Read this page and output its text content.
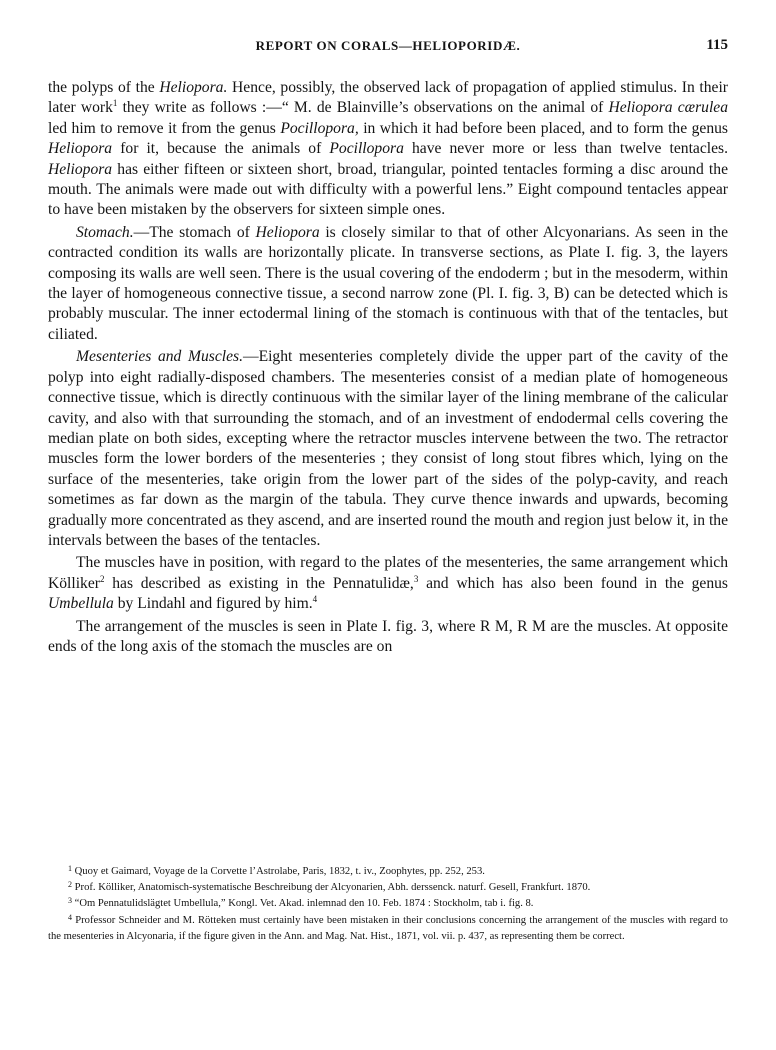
REPORT ON CORALS—HELIOPORIDÆ.	115

the polyps of the Heliopora. Hence, possibly, the observed lack of propagation of applied stimulus. In their later work$^1$ they write as follows :—“ M. de Blainville’s observations on the animal of Heliopora cærulea led him to remove it from the genus Pocillopora, in which it had before been placed, and to form the genus Heliopora for it, because the animals of Pocillopora have never more or less than twelve tentacles. Heliopora has either fifteen or sixteen short, broad, triangular, pointed tentacles forming a disc around the mouth. The animals were made out with difficulty with a powerful lens.” Eight compound tentacles appear to have been mistaken by the observers for sixteen simple ones.

Stomach.—The stomach of Heliopora is closely similar to that of other Alcyonarians. As seen in the contracted condition its walls are horizontally plicate. In transverse sections, as Plate I. fig. 3, the layers composing its walls are well seen. There is the usual covering of the endoderm ; but in the mesoderm, within the layer of homogeneous connective tissue, a second narrow zone (Pl. I. fig. 3, B) can be detected which is probably muscular. The inner ectodermal lining of the stomach is continuous with that of the tentacles, but ciliated.

Mesenteries and Muscles.—Eight mesenteries completely divide the upper part of the cavity of the polyp into eight radially-disposed chambers. The mesenteries consist of a median plate of homogeneous connective tissue, which is directly continuous with the similar layer of the lining membrane of the calicular cavity, and also with that surrounding the stomach, and of an investment of endodermal cells covering the median plate on both sides, excepting where the retractor muscles intervene between the two. The retractor muscles form the lower borders of the mesenteries ; they consist of long stout fibres which, lying on the surface of the mesenteries, take origin from the lower part of the sides of the polyp-cavity, and reach sometimes as far down as the margin of the tabula. They curve thence inwards and upwards, becoming gradually more concentrated as they ascend, and are inserted round the mouth and region just below it, in the intervals between the bases of the tentacles.

The muscles have in position, with regard to the plates of the mesenteries, the same arrangement which Kölliker$^2$ has described as existing in the Pennatulidæ,$^3$ and which has also been found in the genus Umbellula by Lindahl and figured by him.$^4$

The arrangement of the muscles is seen in Plate I. fig. 3, where R M, R M are the muscles. At opposite ends of the long axis of the stomach the muscles are on

$^1$ Quoy et Gaimard, Voyage de la Corvette l’Astrolabe, Paris, 1832, t. iv., Zoophytes, pp. 252, 253.

$^2$ Prof. Kölliker, Anatomisch-systematische Beschreibung der Alcyonarien, Abh. derssenck. naturf. Gesell, Frankfurt. 1870.

$^3$ “Om Pennatulidslägtet Umbellula,” Kongl. Vet. Akad. inlemnad den 10. Feb. 1874 : Stockholm, tab i. fig. 8.

$^4$ Professor Schneider and M. Rötteken must certainly have been mistaken in their conclusions concerning the arrangement of the muscles with regard to the mesenteries in Alcyonaria, if the figure given in the Ann. and Mag. Nat. Hist., 1871, vol. vii. p. 437, as representing them be correct.
